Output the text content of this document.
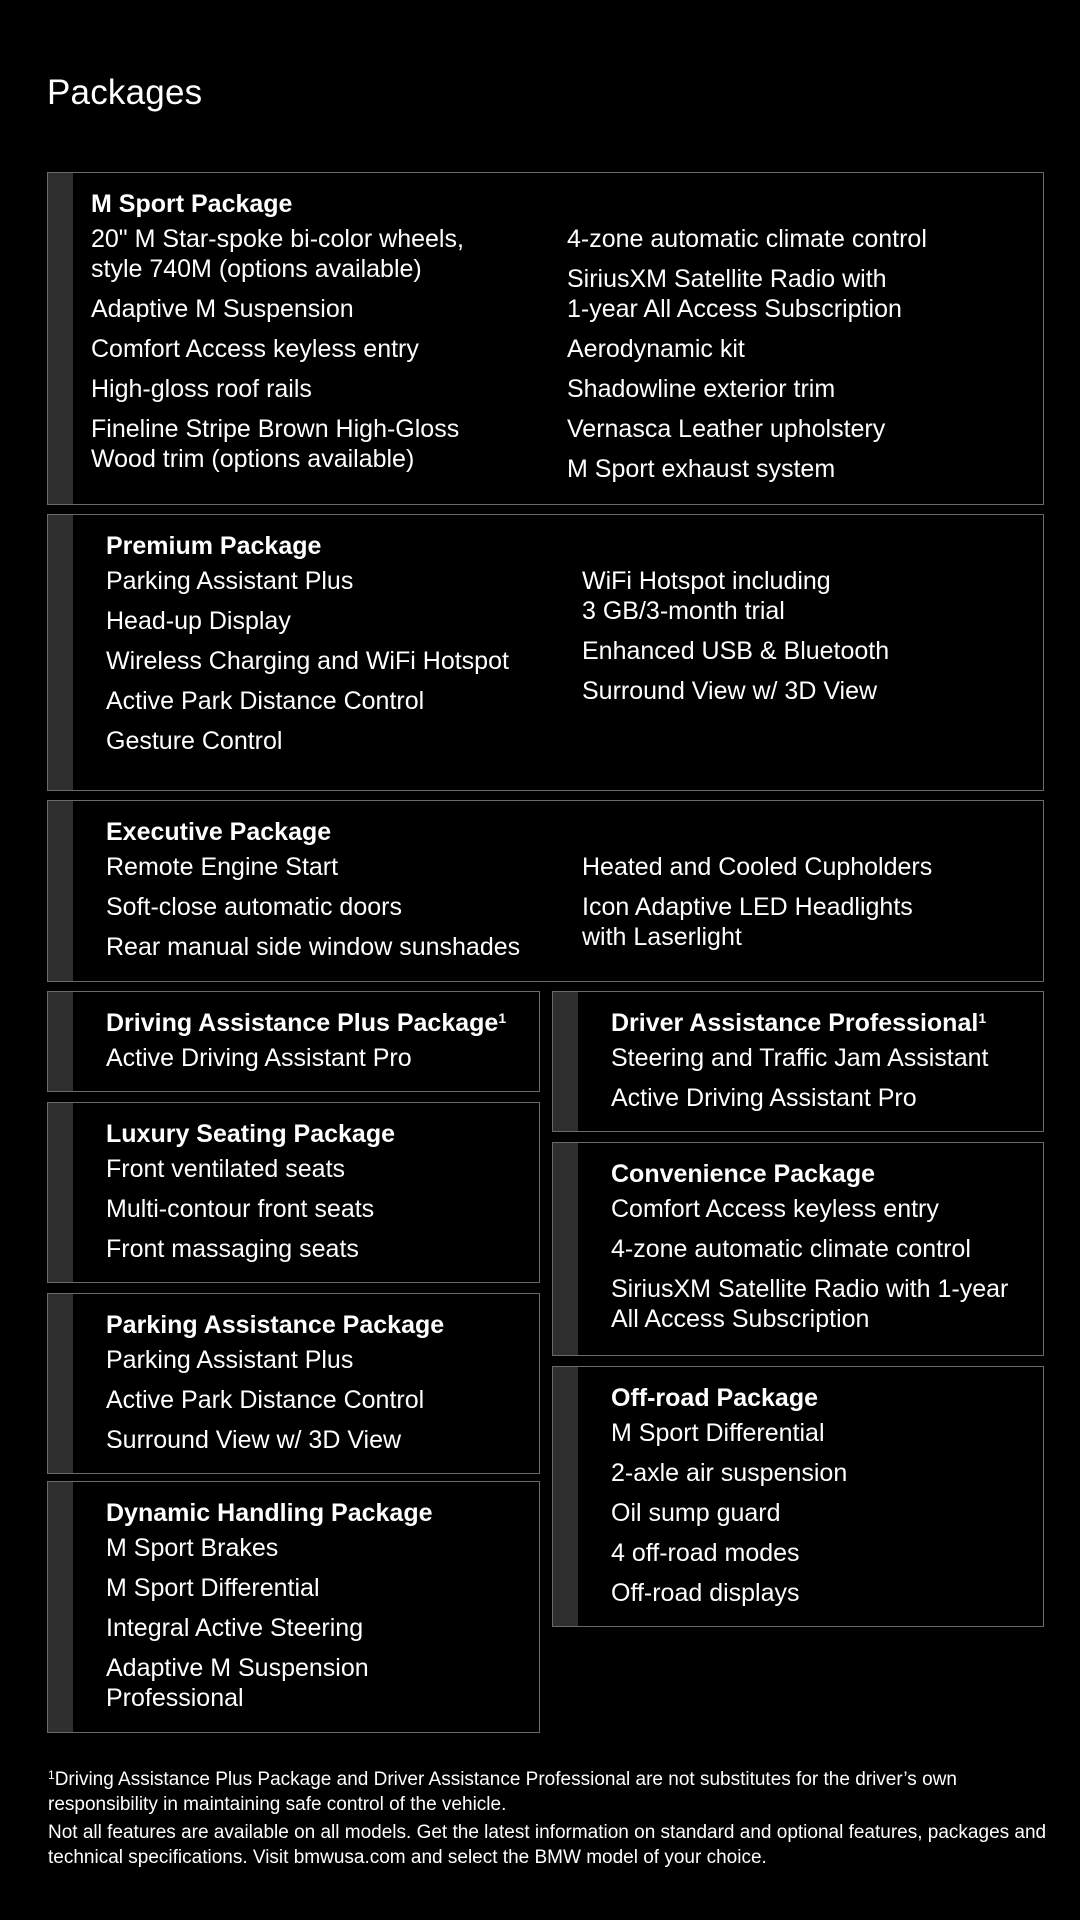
Packages
M Sport Package
20" M Star-spoke bi-color wheels,
style 740M (options available)
Adaptive M Suspension
Comfort Access keyless entry
High-gloss roof rails
Fineline Stripe Brown High-Gloss
Wood trim (options available)
4-zone automatic climate control
SiriusXM Satellite Radio with
1-year All Access Subscription
Aerodynamic kit
Shadowline exterior trim
Vernasca Leather upholstery
M Sport exhaust system
Premium Package
Parking Assistant Plus
Head-up Display
Wireless Charging and WiFi Hotspot
Active Park Distance Control
Gesture Control
WiFi Hotspot including
3 GB/3-month trial
Enhanced USB & Bluetooth
Surround View w/ 3D View
Executive Package
Remote Engine Start
Soft-close automatic doors
Rear manual side window sunshades
Heated and Cooled Cupholders
Icon Adaptive LED Headlights
with Laserlight
Driving Assistance Plus Package$^1$
Active Driving Assistant Pro
Luxury Seating Package
Front ventilated seats
Multi-contour front seats
Front massaging seats
Parking Assistance Package
Parking Assistant Plus
Active Park Distance Control
Surround View w/ 3D View
Dynamic Handling Package
M Sport Brakes
M Sport Differential
Integral Active Steering
Adaptive M Suspension
Professional
Driver Assistance Professional$^1$
Steering and Traffic Jam Assistant
Active Driving Assistant Pro
Convenience Package
Comfort Access keyless entry
4-zone automatic climate control
SiriusXM Satellite Radio with 1-year
All Access Subscription
Off-road Package
M Sport Differential
2-axle air suspension
Oil sump guard
4 off-road modes
Off-road displays

$^1$Driving Assistance Plus Package and Driver Assistance Professional are not substitutes for the driver’s own responsibility in maintaining safe control of the vehicle.

Not all features are available on all models. Get the latest information on standard and optional features, packages and technical specifications. Visit bmwusa.com and select the BMW model of your choice.
